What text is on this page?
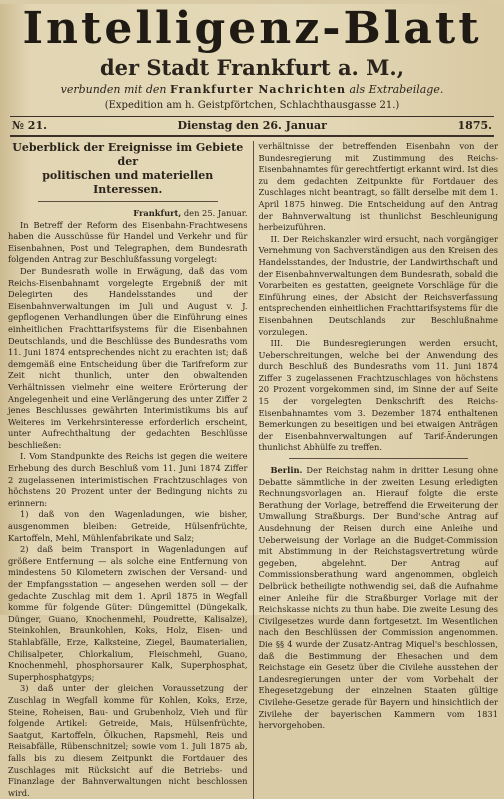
Intelligenz-Blatt
der Stadt Frankfurt a. M.,
verbunden mit den Frankfurter Nachrichten als Extrabeilage.
(Expedition am h. Geistpförtchen, Schlachthausgasse 21.)
№ 21.	Dienstag den 26. Januar	1875.

Ueberblick der Ereignisse im Gebiete der
politischen und materiellen Interessen.

Frankfurt, den 25. Januar.

In Betreff der Reform des Eisenbahn-Frachtwesens haben die Ausschüsse für Handel und Verkehr und für Eisenbahnen, Post und Telegraphen, dem Bundesrath folgenden Antrag zur Beschlußfassung vorgelegt:

Der Bundesrath wolle in Erwägung, daß das vom Reichs-Eisenbahnamt vorgelegte Ergebniß der mit Delegirten des Handelsstandes und der Eisenbahnverwaltungen im Juli und August v. J. gepflogenen Verhandlungen über die Einführung eines einheitlichen Frachttarifsystems für die Eisenbahnen Deutschlands, und die Beschlüsse des Bundesraths vom 11. Juni 1874 entsprechendes nicht zu erachten ist; daß demgemäß eine Entscheidung über die Tarifreform zur Zeit nicht thunlich, unter den obwaltenden Verhältnissen vielmehr eine weitere Erörterung der Angelegenheit und eine Verlängerung des unter Ziffer 2 jenes Beschlusses gewährten Interimistikums bis auf Weiteres im Verkehrsinteresse erforderlich erscheint, unter Aufrechthaltung der gedachten Beschlüsse beschließen:

I. Vom Standpunkte des Reichs ist gegen die weitere Erhebung des durch Beschluß vom 11. Juni 1874 Ziffer 2 zugelassenen interimistischen Frachtzuschlages von höchstens 20 Prozent unter der Bedingung nichts zu erinnern:

1) daß von den Wagenladungen, wie bisher, ausgenommen bleiben: Getreide, Hülsenfrüchte, Kartoffeln, Mehl, Mühlenfabrikate und Salz;

2) daß beim Transport in Wagenladungen auf größere Entfernung — als solche eine Entfernung von mindestens 50 Kilometern zwischen der Versand- und der Empfangsstation — angesehen werden soll — der gedachte Zuschlag mit dem 1. April 1875 in Wegfall komme für folgende Güter: Düngemittel (Düngekalk, Dünger, Guano, Knochenmehl, Poudrette, Kalisalze), Steinkohlen, Braunkohlen, Koks, Holz, Eisen- und Stahlabfälle, Erze, Kalksteine, Ziegel, Baumaterialien, Chilisalpeter, Chlorkalium, Fleischmehl, Guano, Knochenmehl, phosphorsaurer Kalk, Superphosphat, Superphosphatgyps;

3) daß unter der gleichen Voraussetzung der Zuschlag in Wegfall komme für Kohlen, Koks, Erze, Steine, Roheisen, Bau- und Grubenholz, Vieh und für folgende Artikel: Getreide, Mais, Hülsenfrüchte, Saatgut, Kartoffeln, Ölkuchen, Rapsmehl, Reis und Reisabfälle, Rübenschnitzel; sowie vom 1. Juli 1875 ab, falls bis zu diesem Zeitpunkt die Fortdauer des Zuschlages mit Rücksicht auf die Betriebs- und Finanzlage der Bahnverwaltungen nicht beschlossen wird.

verhältnisse der betreffenden Eisenbahn von der Bundesregierung mit Zustimmung des Reichs-Eisenbahnamtes für gerechtfertigt erkannt wird. Ist dies zu dem gedachten Zeitpunkte für Fortdauer des Zuschlages nicht beantragt, so fällt derselbe mit dem 1. April 1875 hinweg. Die Entscheidung auf den Antrag der Bahnverwaltung ist thunlichst Beschleunigung herbeizuführen.

II. Der Reichskanzler wird ersucht, nach vorgängiger Vernehmung von Sachverständigen aus den Kreisen des Handelsstandes, der Industrie, der Landwirthschaft und der Eisenbahnverwaltungen dem Bundesrath, sobald die Vorarbeiten es gestatten, geeignete Vorschläge für die Einführung eines, der Absicht der Reichsverfassung entsprechenden einheitlichen Frachttarifsystems für die Eisenbahnen Deutschlands zur Beschlußnahme vorzulegen.

III. Die Bundesregierungen werden ersucht, Ueberschreitungen, welche bei der Anwendung des durch Beschluß des Bundesraths vom 11. Juni 1874 Ziffer 3 zugelassenen Frachtzuschlages von höchstens 20 Prozent vorgekommen sind, im Sinne der auf Seite 15 der vorgelegten Denkschrift des Reichs-Eisenbahnamtes vom 3. Dezember 1874 enthaltenen Bemerkungen zu beseitigen und bei etwaigen Anträgen der Eisenbahnverwaltungen auf Tarif-Änderungen thunlichst Abhülfe zu treffen.

Berlin. Der Reichstag nahm in dritter Lesung ohne Debatte sämmtliche in der zweiten Lesung erledigten Rechnungsvorlagen an. Hierauf folgte die erste Berathung der Vorlage, betreffend die Erweiterung der Umwallung Straßburgs. Der Bund'sche Antrag auf Ausdehnung der Reisen durch eine Anleihe und Ueberweisung der Vorlage an die Budget-Commission mit Abstimmung in der Reichstagsvertretung würde gegeben, abgelehnt. Der Antrag auf Commissionsberathung ward angenommen, obgleich Delbrück betheiligte nothwendig sei, daß die Aufnahme einer Anleihe für die Straßburger Vorlage mit der Reichskasse nichts zu thun habe. Die zweite Lesung des Civilgesetzes wurde dann fortgesetzt. Im Wesentlichen nach den Beschlüssen der Commission angenommen. Die §§ 4 wurde der Zusatz-Antrag Miquel's beschlossen, daß die Bestimmung der Ehesachen und dem Reichstage ein Gesetz über die Civilehe ausstehen der Landesregierungen unter der vom Vorbehalt der Ehegesetzgebung der einzelnen Staaten gültige Civilehe-Gesetze gerade für Bayern und hinsichtlich der Zivilehe der bayerischen Kammern vom 1831 hervorgehoben.
